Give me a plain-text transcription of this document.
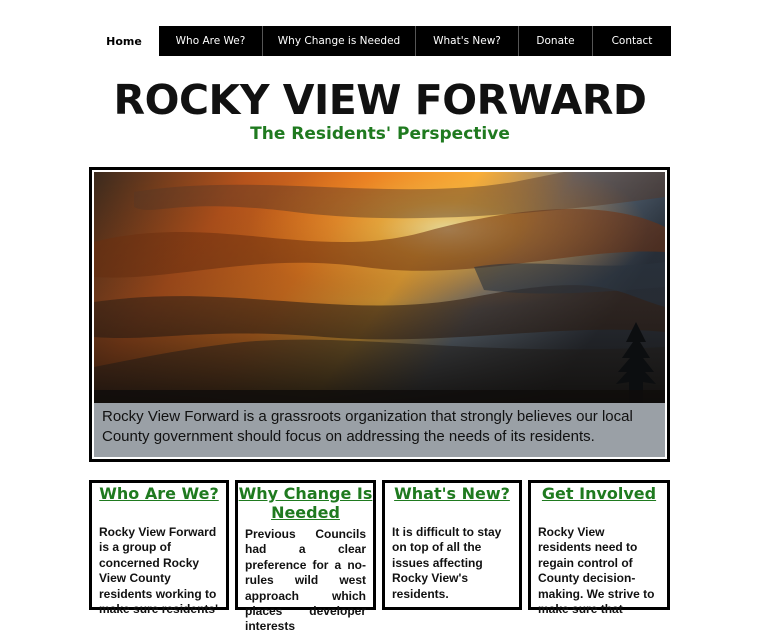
Home	Who Are We?	Why Change is Needed	What's New?	Donate	Contact
ROCKY VIEW FORWARD
The Residents' Perspective
Rocky View Forward is a grassroots organization that strongly believes our local County government should focus on addressing the needs of its residents.
Who Are We?
Rocky View Forward is a group of concerned Rocky View County residents working to make sure residents'
Why Change Is Needed
Previous Councils had a clear preference for a no-rules wild west approach which places developer interests
What's New?
It is difficult to stay on top of all the issues affecting Rocky View's residents.
Get Involved
Rocky View residents need to regain control of County decision-making. We strive to make sure that
